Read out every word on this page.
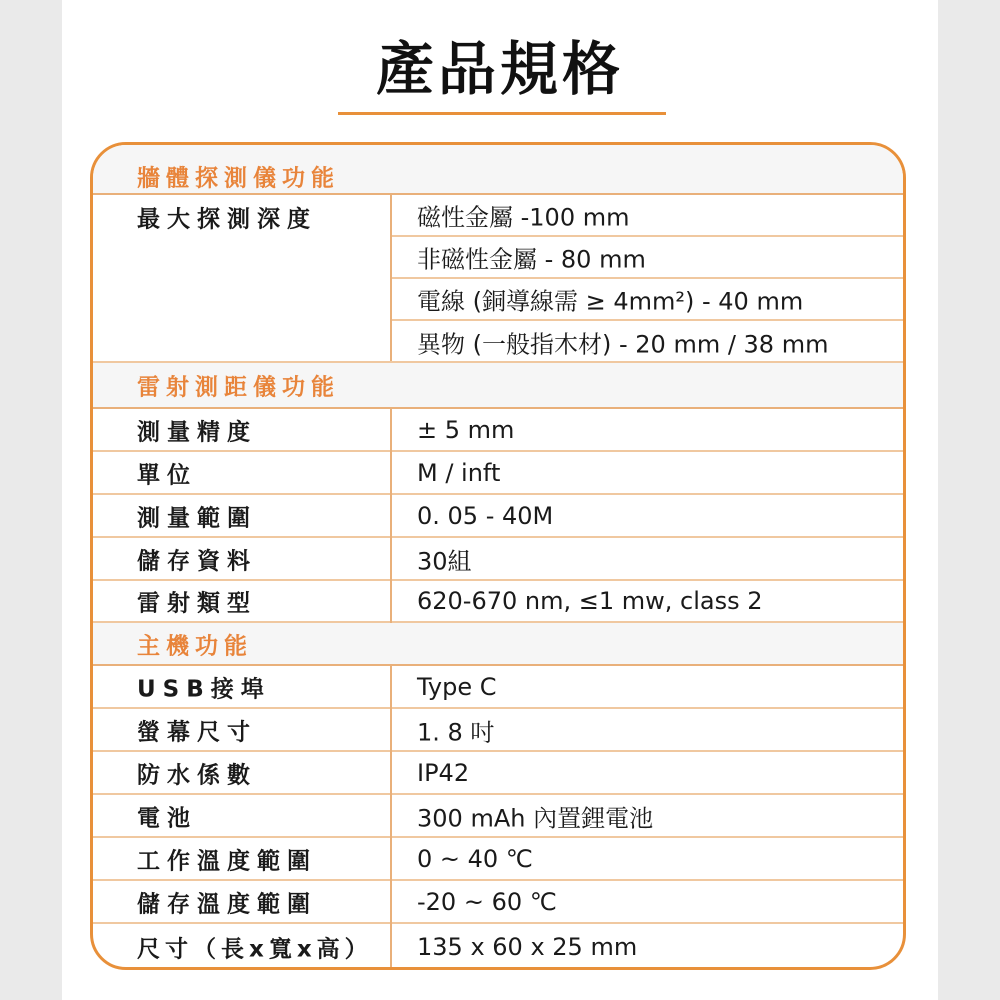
產品規格
牆體探測儀功能
最大探測深度	磁性金屬 -100 mm
非磁性金屬 - 80 mm
電線 (銅導線需 ≥ 4mm²) - 40 mm
異物 (一般指木材) - 20 mm / 38 mm
雷射測距儀功能
測量精度	± 5 mm
單位	M / inft
測量範圍	0. 05 - 40M
儲存資料	30組
雷射類型	620-670 nm, ≤1 mw, class 2
主機功能
USB接埠	Type C
螢幕尺寸	1. 8 吋
防水係數	IP42
電池	300 mAh 內置鋰電池
工作溫度範圍	0 ~ 40 ℃
儲存溫度範圍	-20 ~ 60 ℃
尺寸（長x寬x高） 135 x 60 x 25 mm
